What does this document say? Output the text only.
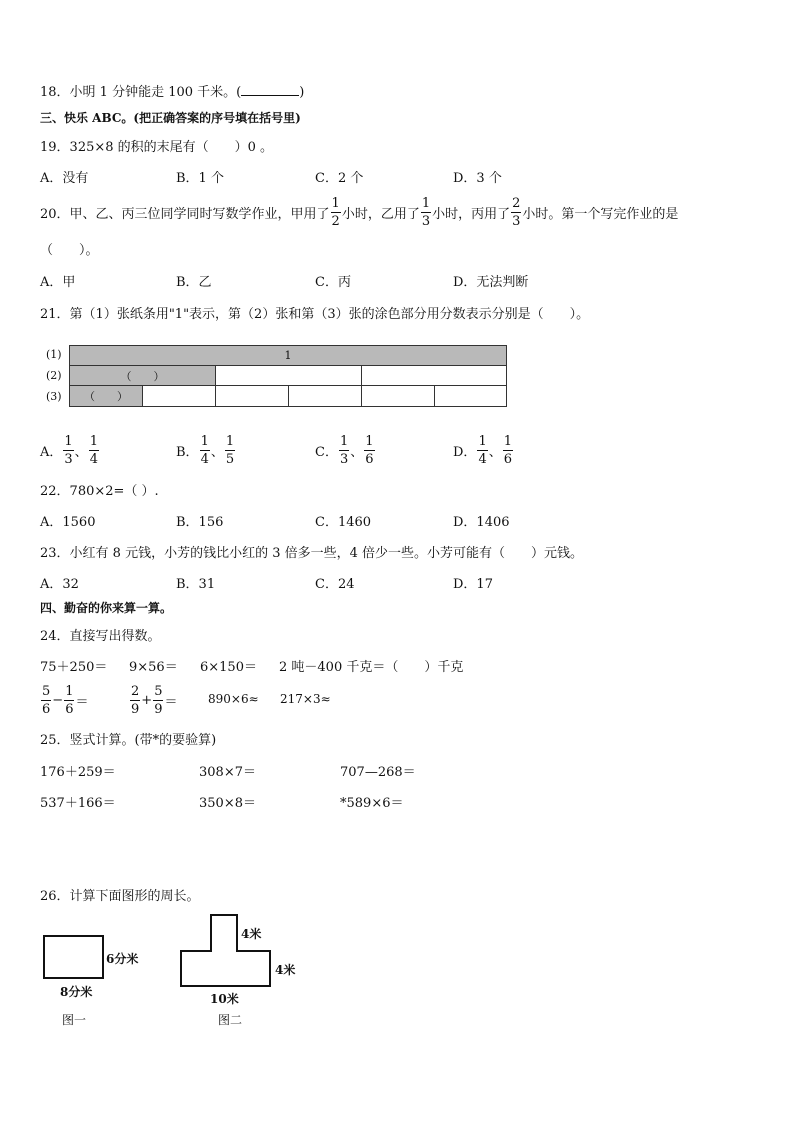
18．小明 1 分钟能走 100 千米。(	)
三、快乐 ABC。(把正确答案的序号填在括号里)
19．325×8 的积的末尾有（　　）0 。
A．没有	B．1 个	C．2 个	D．3 个
20．甲、乙、丙三位同学同时写数学作业，甲用了 $\frac{1}{2}$ 小时，乙用了 $\frac{1}{3}$ 小时，丙用了 $\frac{2}{3}$ 小时。第一个写完作业的是
（　　）。
A．甲	B．乙	C．丙	D．无法判断
21．第（1）张纸条用"1"表示，第（2）张和第（3）张的涂色部分用分数表示分别是（　　）。
(1)
(2)
(3)
1
（　　）
（　　）
A． $\frac{1}{3}$ 、 $\frac{1}{4}$	B． $\frac{1}{4}$ 、 $\frac{1}{5}$	C． $\frac{1}{3}$ 、 $\frac{1}{6}$	D． $\frac{1}{4}$ 、 $\frac{1}{6}$
22．780×2=（ ）.
A．1560	B．156	C．1460	D．1406
23．小红有 8 元钱，小芳的钱比小红的 3 倍多一些，4 倍少一些。小芳可能有（　　）元钱。
A．32	B．31	C．24	D．17
四、勤奋的你来算一算。
24．直接写出得数。
75＋250＝ 9×56＝ 6×150＝ 2 吨－400 千克＝（　　）千克
$\frac{5}{6} - \frac{1}{6}$ ＝	$\frac{2}{9} + \frac{5}{9}$ ＝	890×6≈ 217×3≈
25．竖式计算。(带*的要验算)
176＋259＝	308×7＝	707—268＝
537＋166＝	350×8＝	*589×6＝
26．计算下面图形的周长。
6分米
8分米
图一
4米
4米
10米
图二
